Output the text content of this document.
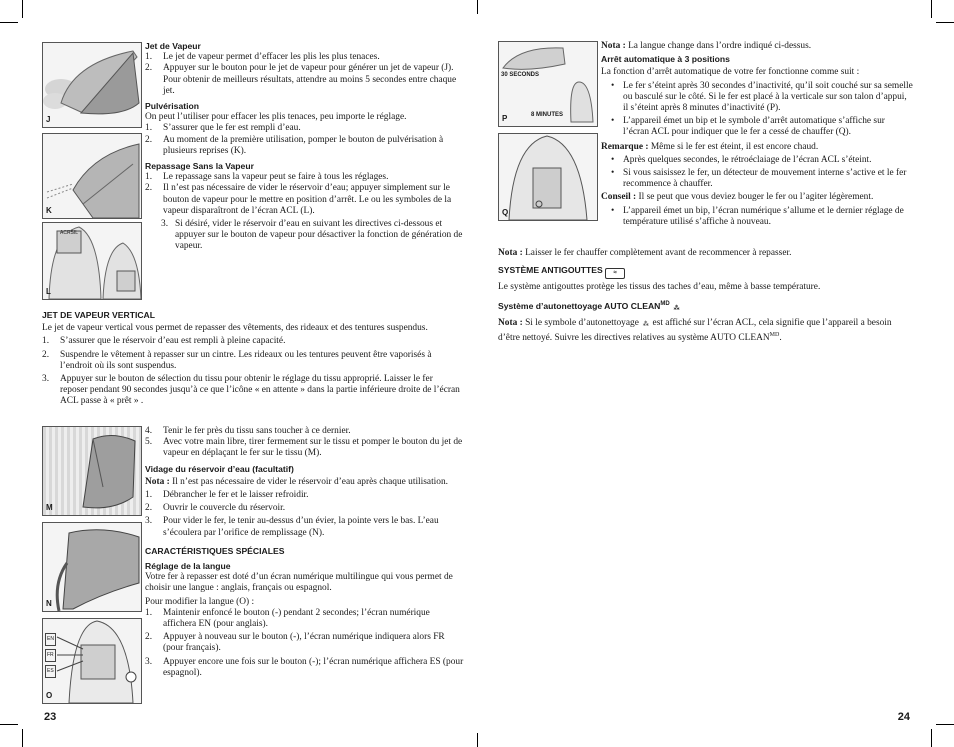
J
K
ACRSIL
L
Jet de Vapeur
1. Le jet de vapeur permet d’effacer les plis les plus tenaces.
2. Appuyer sur le bouton pour le jet de vapeur pour générer un jet de vapeur (J). Pour obtenir de meilleurs résultats, attendre au moins 5 secondes entre chaque jet.
Pulvérisation

On peut l’utiliser pour effacer les plis tenaces, peu importe le réglage.

1. S’assurer que le fer est rempli d’eau.
2. Au moment de la première utilisation, pomper le bouton de pulvérisation à plusieurs reprises (K).
Repassage Sans la Vapeur
1. Le repassage sans la vapeur peut se faire à tous les réglages.
2. Il n’est pas nécessaire de vider le réservoir d’eau; appuyer simplement sur le bouton de vapeur pour le mettre en position d’arrêt. Le ou les symboles de la vapeur disparaîtront de l’écran ACL (L).
3. Si désiré, vider le réservoir d’eau en suivant les directives ci-dessous et appuyer sur le bouton de vapeur pour désactiver la fonction de génération de vapeur.
JET DE VAPEUR VERTICAL

Le jet de vapeur vertical vous permet de repasser des vêtements, des rideaux et des tentures suspendus.

1. S’assurer que le réservoir d’eau est rempli à pleine capacité.
2. Suspendre le vêtement à repasser sur un cintre. Les rideaux ou les tentures peuvent être vaporisés à l’endroit où ils sont suspendus.
3. Appuyer sur le bouton de sélection du tissu pour obtenir le réglage du tissu approprié. Laisser le fer reposer pendant 90 secondes jusqu’à ce que l’icône « en attente » dans la partie inférieure droite de l’écran ACL passe à « prêt » .
M
N
EN
FR
ES
O
4. Tenir le fer près du tissu sans toucher à ce dernier.
5. Avec votre main libre, tirer fermement sur le tissu et pomper le bouton du jet de vapeur en déplaçant le fer sur le tissu (M).
Vidage du réservoir d’eau (facultatif)

Nota : Il n’est pas nécessaire de vider le réservoir d’eau après chaque utilisation.

1. Débrancher le fer et le laisser refroidir.
2. Ouvrir le couvercle du réservoir.
3. Pour vider le fer, le tenir au-dessus d’un évier, la pointe vers le bas. L’eau s’écoulera par l’orifice de remplissage (N).
CARACTÉRISTIQUES SPÉCIALES
Réglage de la langue

Votre fer à repasser est doté d’un écran numérique multilingue qui vous permet de choisir une langue : anglais, français ou espagnol.

Pour modifier la langue (O) :

1. Maintenir enfoncé le bouton (-) pendant 2 secondes; l’écran numérique affichera EN (pour anglais).
2. Appuyer à nouveau sur le bouton (-), l’écran numérique indiquera alors FR (pour français).
3. Appuyer encore une fois sur le bouton (-); l’écran numérique affichera ES (pour espagnol).
23
30 SECONDS
8 MINUTES
P
Q

Nota : La langue change dans l’ordre indiqué ci-dessus.

Arrêt automatique à 3 positions

La fonction d’arrêt automatique de votre fer fonctionne comme suit :

• Le fer s’éteint après 30 secondes d’inactivité, qu’il soit couché sur sa semelle ou basculé sur le côté. Si le fer est placé à la verticale sur son talon d’appui, il s’éteint après 8 minutes d’inactivité (P).
• L’appareil émet un bip et le symbole d’arrêt automatique s’affiche sur l’écran ACL pour indiquer que le fer a cessé de chauffer (Q).

Remarque : Même si le fer est éteint, il est encore chaud.

• Après quelques secondes, le rétroéclaiage de l’écran ACL s’éteint.
• Si vous saisissez le fer, un détecteur de mouvement interne s’active et le fer recommence à chauffer.

Conseil : Il se peut que vous deviez bouger le fer ou l’agiter légèrement.

• L’appareil émet un bip, l’écran numérique s’allume et le dernier réglage de température utilisé s’affiche à nouveau.

Nota : Laisser le fer chauffer complètement avant de recommencer à repasser.

SYSTÈME ANTIGOUTTES ≈

Le système antigouttes protège les tissus des taches d’eau, même à basse température.

Système d’autonettoyage AUTO $CLEAN^{MD}$ ⁂

Nota : Si le symbole d’autonettoyage ⁂ est affiché sur l’écran ACL, cela signifie que l’appareil a besoin d’être nettoyé. Suivre les directives relatives au système AUTO $CLEAN^{MD}$.

24
